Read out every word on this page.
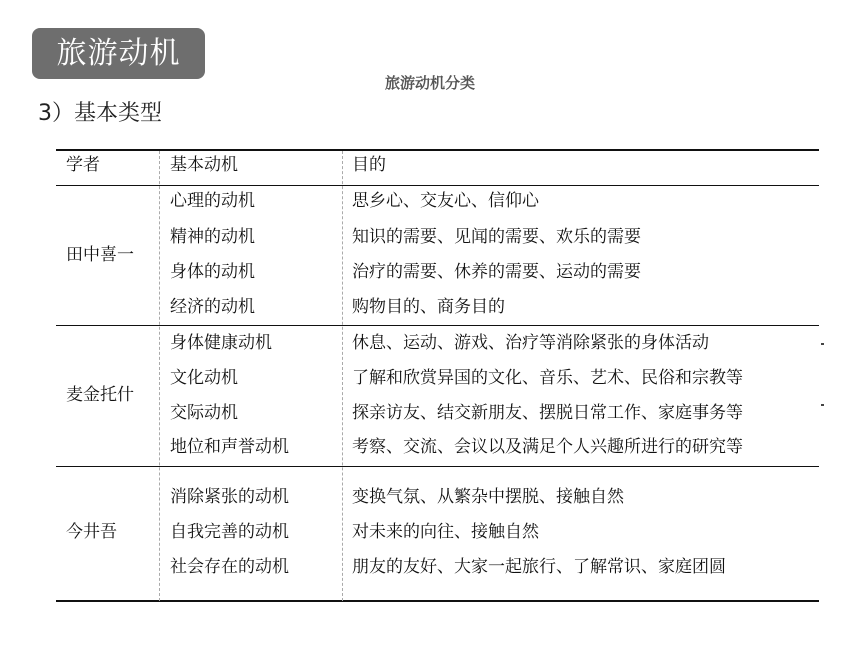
旅游动机
旅游动机分类
3）基本类型
学者	基本动机	目的
田中喜一
心理的动机	思乡心、交友心、信仰心
精神的动机	知识的需要、见闻的需要、欢乐的需要
身体的动机	治疗的需要、休养的需要、运动的需要
经济的动机	购物目的、商务目的
麦金托什
身体健康动机	休息、运动、游戏、治疗等消除紧张的身体活动
文化动机	了解和欣赏异国的文化、音乐、艺术、民俗和宗教等
交际动机	探亲访友、结交新朋友、摆脱日常工作、家庭事务等
地位和声誉动机	考察、交流、会议以及满足个人兴趣所进行的研究等
今井吾
消除紧张的动机	变换气氛、从繁杂中摆脱、接触自然
自我完善的动机	对未来的向往、接触自然
社会存在的动机	朋友的友好、大家一起旅行、了解常识、家庭团圆
